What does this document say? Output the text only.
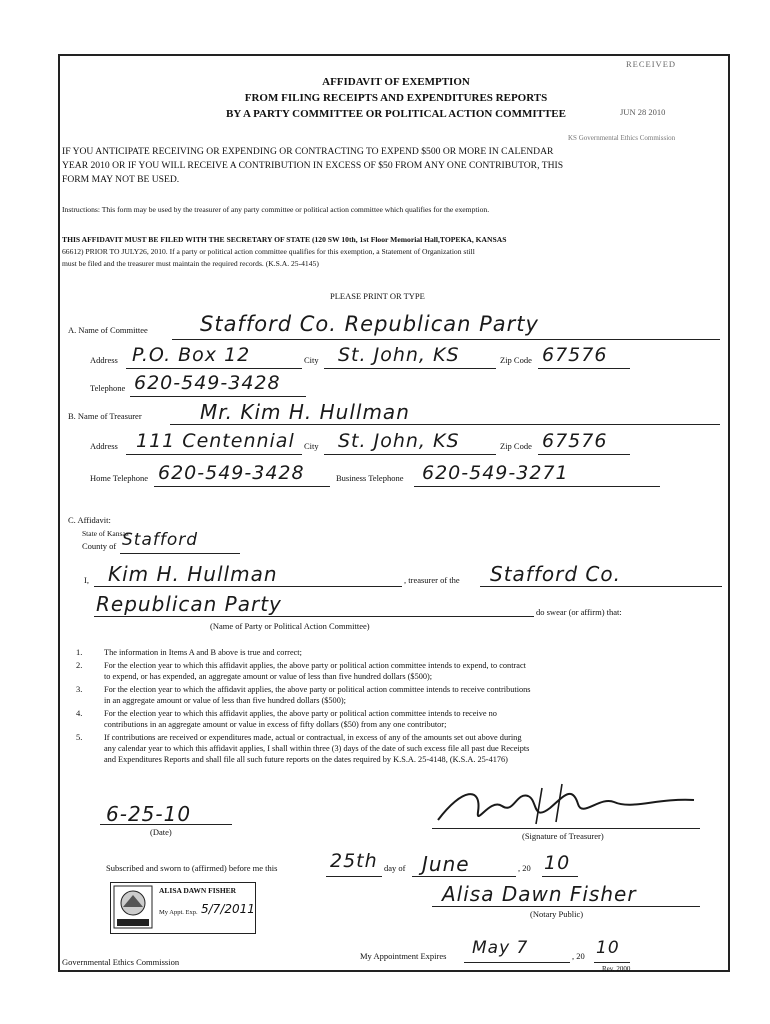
RECEIVED
JUN 28 2010
KS Governmental Ethics Commission
AFFIDAVIT OF EXEMPTION
FROM FILING RECEIPTS AND EXPENDITURES REPORTS
BY A PARTY COMMITTEE OR POLITICAL ACTION COMMITTEE
IF YOU ANTICIPATE RECEIVING OR EXPENDING OR CONTRACTING TO EXPEND $500 OR MORE IN CALENDAR
YEAR 2010 OR IF YOU WILL RECEIVE A CONTRIBUTION IN EXCESS OF $50 FROM ANY ONE CONTRIBUTOR, THIS
FORM MAY NOT BE USED.
Instructions: This form may be used by the treasurer of any party committee or political action committee which qualifies for the exemption.
THIS AFFIDAVIT MUST BE FILED WITH THE SECRETARY OF STATE (120 SW 10th, 1st Floor Memorial Hall,TOPEKA, KANSAS
66612) PRIOR TO JULY26, 2010. If a party or political action committee qualifies for this exemption, a Statement of Organization still
must be filed and the treasurer must maintain the required records. (K.S.A. 25-4145)
PLEASE PRINT OR TYPE
A. Name of Committee Stafford Co. Republican Party
Address P.O. Box 12	City St. John, KS	Zip Code 67576
Telephone 620-549-3428
B. Name of Treasurer	Mr. Kim H. Hullman
Address 111 Centennial City St. John, KS	Zip Code 67576
Home Telephone 620-549-3428	Business Telephone 620-549-3271
C. Affidavit:
State of Kansas
County of Stafford
I, Kim H. Hullman	, treasurer of the Stafford Co.
Republican Party	do swear (or affirm) that:
(Name of Party or Political Action Committee)
1.	The information in Items A and B above is true and correct;
2.	For the election year to which this affidavit applies, the above party or political action committee intends to expend, to contract
to expend, or has expended, an aggregate amount or value of less than five hundred dollars ($500);
3.	For the election year to which the affidavit applies, the above party or political action committee intends to receive contributions
in an aggregate amount or value of less than five hundred dollars ($500);
4.	For the election year to which this affidavit applies, the above party or political action committee intends to receive no
contributions in an aggregate amount or value in excess of fifty dollars ($50) from any one contributor;
5.	If contributions are received or expenditures made, actual or contractual, in excess of any of the amounts set out above during
any calendar year to which this affidavit applies, I shall within three (3) days of the date of such excess file all past due Receipts
and Expenditures Reports and shall file all such future reports on the dates required by K.S.A. 25-4148, (K.S.A. 25-4176)
6-25-10
(Date)	(Signature of Treasurer)
Subscribed and sworn to (affirmed) before me this	25th day of June	, 20 10
Alisa Dawn Fisher
(Notary Public)
ALISA DAWN FISHER
My Appt. Exp. 5/7/2011
My Appointment Expires May 7	, 20 10
Rev. 2000
Governmental Ethics Commission
